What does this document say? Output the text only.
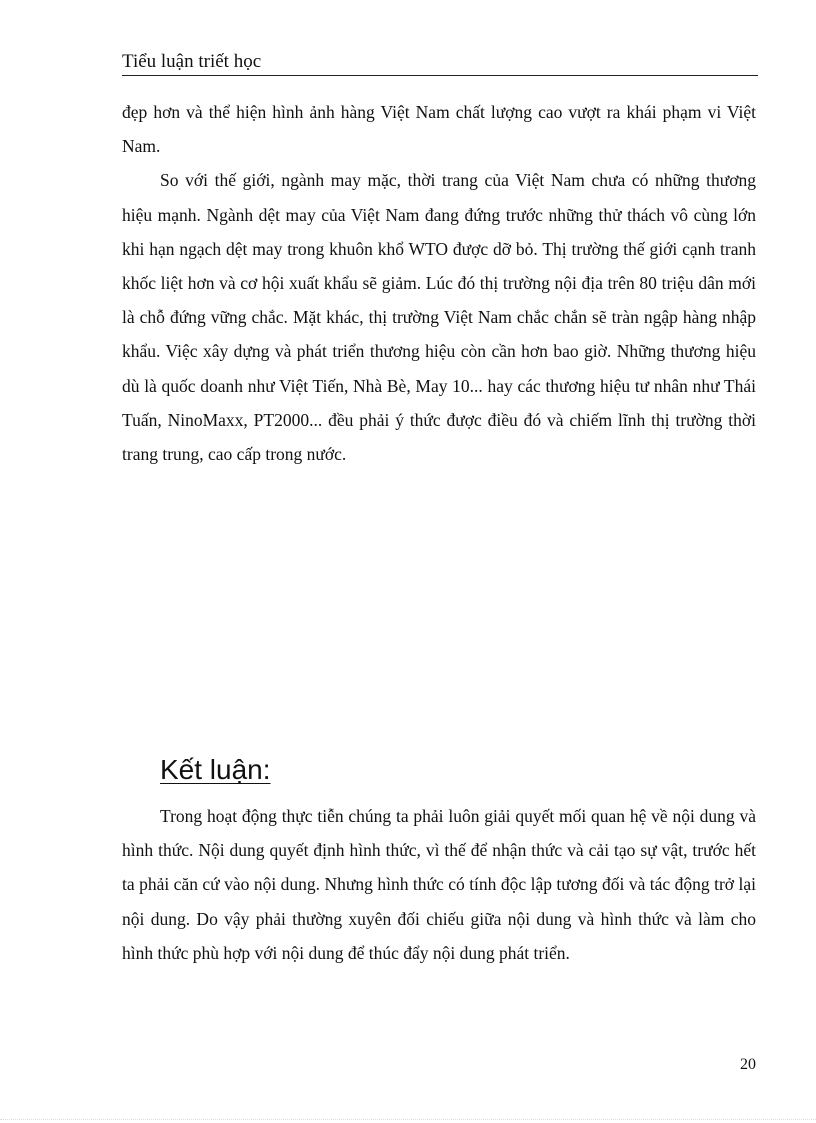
Tiểu luận triết học

đẹp hơn và thể hiện hình ảnh hàng Việt Nam chất lượng cao vượt ra khái phạm vi Việt Nam.

So với thế giới, ngành may mặc, thời trang của Việt Nam chưa có những thương hiệu mạnh. Ngành dệt may của Việt Nam đang đứng trước những thử thách vô cùng lớn khi hạn ngạch dệt may trong khuôn khổ WTO được dỡ bỏ. Thị trường thế giới cạnh tranh khốc liệt hơn và cơ hội xuất khẩu sẽ giảm. Lúc đó thị trường nội địa trên 80 triệu dân mới là chỗ đứng vững chắc. Mặt khác, thị trường Việt Nam chắc chắn sẽ tràn ngập hàng nhập khẩu. Việc xây dựng và phát triển thương hiệu còn cần hơn bao giờ. Những thương hiệu dù là quốc doanh như Việt Tiến, Nhà Bè, May 10... hay các thương hiệu tư nhân như Thái Tuấn, NinoMaxx, PT2000... đều phải ý thức được điều đó và chiếm lĩnh thị trường thời trang trung, cao cấp trong nước.

Kết luận:

Trong hoạt động thực tiễn chúng ta phải luôn giải quyết mối quan hệ về nội dung và hình thức. Nội dung quyết định hình thức, vì thế để nhận thức và cải tạo sự vật, trước hết ta phải căn cứ vào nội dung. Nhưng hình thức có tính độc lập tương đối và tác động trở lại nội dung. Do vậy phải thường xuyên đối chiếu giữa nội dung và hình thức và làm cho hình thức phù hợp với nội dung để thúc đẩy nội dung phát triển.

20
